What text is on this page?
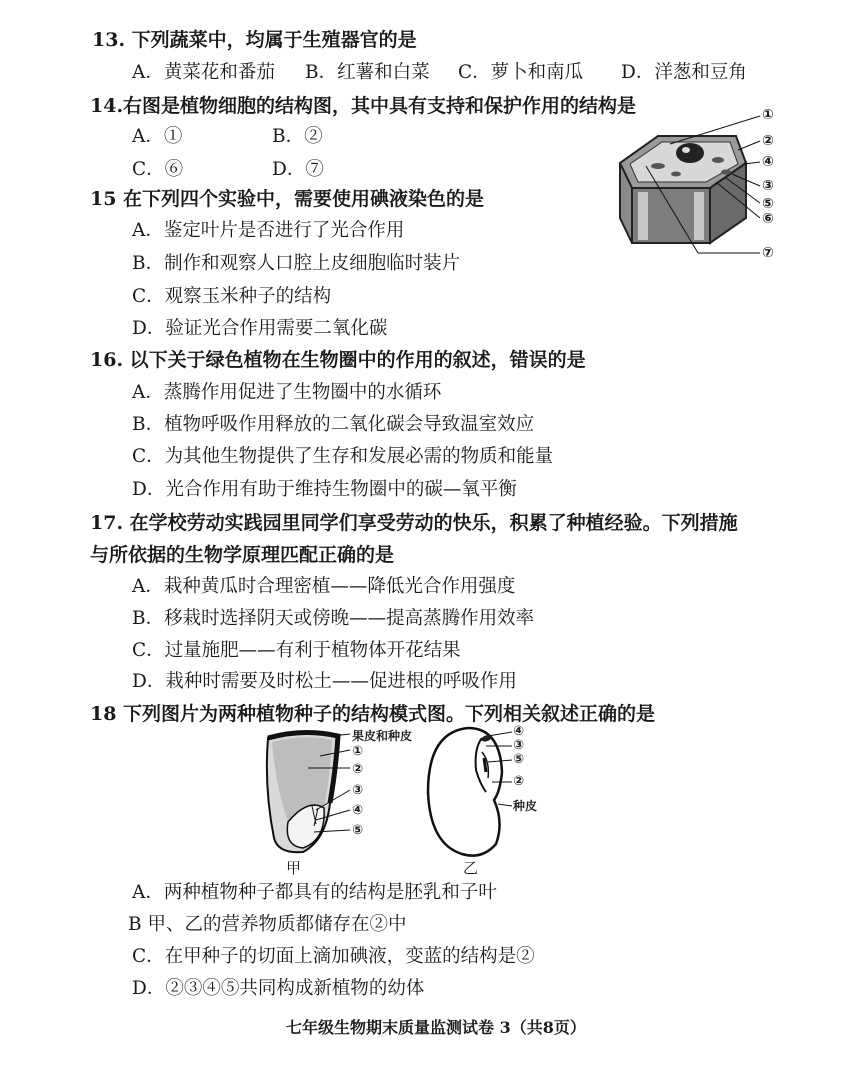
13. 下列蔬菜中，均属于生殖器官的是
A．黄菜花和番茄 B．红薯和白菜 C．萝卜和南瓜 D．洋葱和豆角
14.右图是植物细胞的结构图，其中具有支持和保护作用的结构是
A．①	B．②
C．⑥	D．⑦
①
②
④
③
⑤
⑥
⑦
15 在下列四个实验中，需要使用碘液染色的是
A．鉴定叶片是否进行了光合作用
B．制作和观察人口腔上皮细胞临时装片
C．观察玉米种子的结构
D．验证光合作用需要二氧化碳
16. 以下关于绿色植物在生物圈中的作用的叙述，错误的是
A．蒸腾作用促进了生物圈中的水循环
B．植物呼吸作用释放的二氧化碳会导致温室效应
C．为其他生物提供了生存和发展必需的物质和能量
D．光合作用有助于维持生物圈中的碳—氧平衡
17. 在学校劳动实践园里同学们享受劳动的快乐，积累了种植经验。下列措施
与所依据的生物学原理匹配正确的是
A．栽种黄瓜时合理密植——降低光合作用强度
B．移栽时选择阴天或傍晚——提高蒸腾作用效率
C．过量施肥——有利于植物体开花结果
D．栽种时需要及时松土——促进根的呼吸作用
18 下列图片为两种植物种子的结构模式图。下列相关叙述正确的是
果皮和种皮
①
②
③
④
⑤
甲
④
③
⑤
②
种皮
乙
A．两种植物种子都具有的结构是胚乳和子叶
B 甲、乙的营养物质都储存在②中
C．在甲种子的切面上滴加碘液，变蓝的结构是②
D．②③④⑤共同构成新植物的幼体
七年级生物期末质量监测试卷 3（共8页）
